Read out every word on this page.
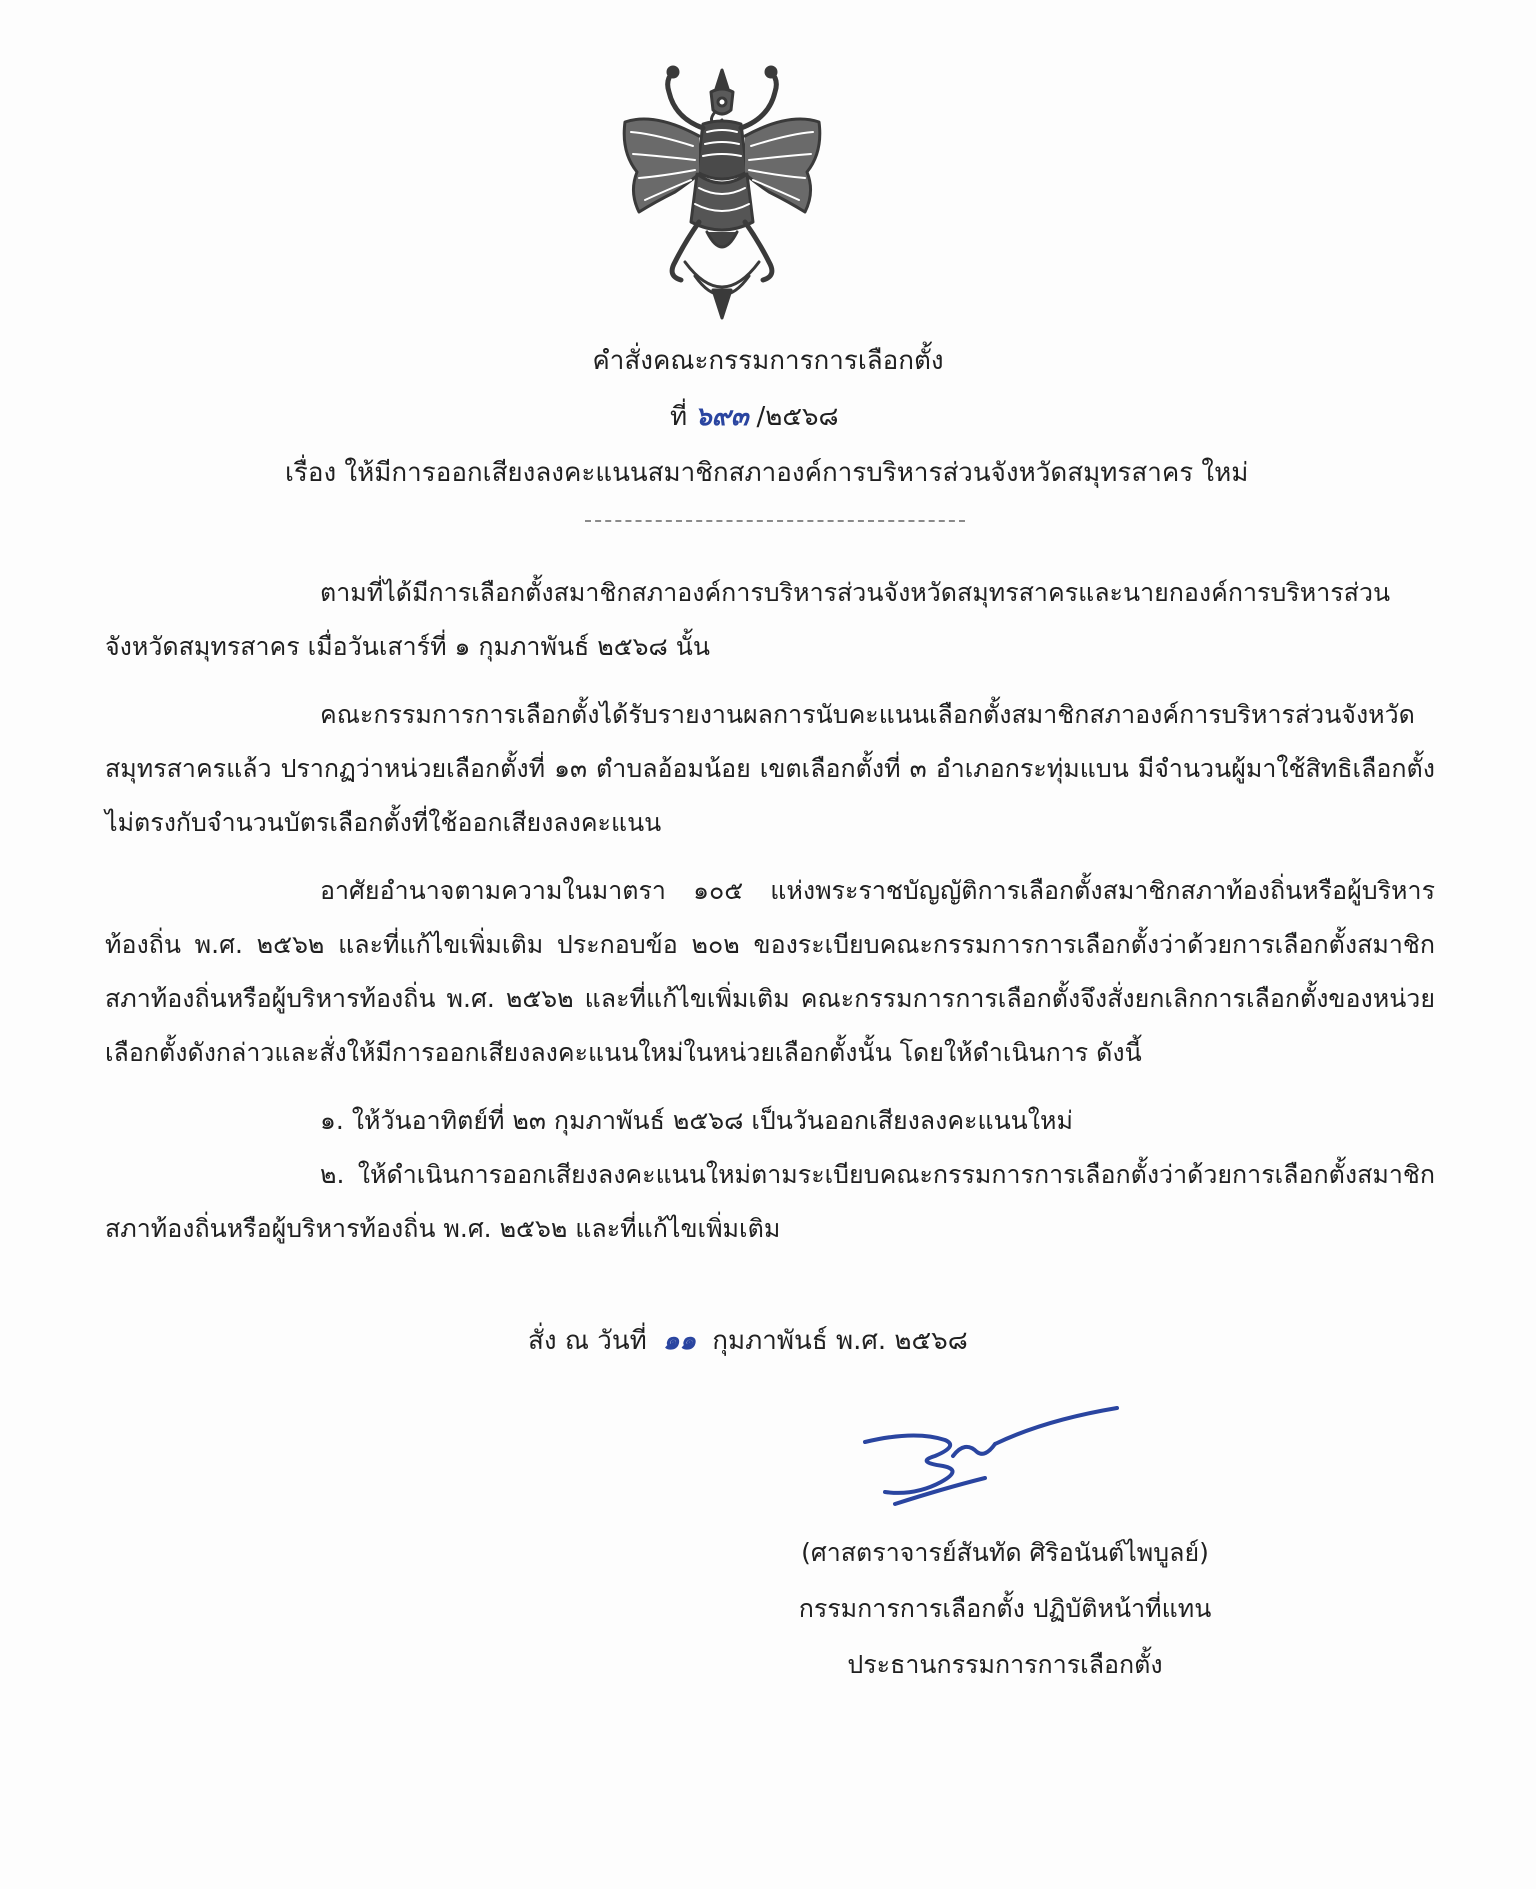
คำสั่งคณะกรรมการการเลือกตั้ง
ที่ ๖๙๓ /๒๕๖๘
เรื่อง ให้มีการออกเสียงลงคะแนนสมาชิกสภาองค์การบริหารส่วนจังหวัดสมุทรสาคร ใหม่

ตามที่ได้มีการเลือกตั้งสมาชิกสภาองค์การบริหารส่วนจังหวัดสมุทรสาครและนายกองค์การบริหารส่วนจังหวัดสมุทรสาคร เมื่อวันเสาร์ที่ ๑ กุมภาพันธ์ ๒๕๖๘ นั้น

คณะกรรมการการเลือกตั้งได้รับรายงานผลการนับคะแนนเลือกตั้งสมาชิกสภาองค์การบริหารส่วนจังหวัดสมุทรสาครแล้ว ปรากฏว่าหน่วยเลือกตั้งที่ ๑๓ ตำบลอ้อมน้อย เขตเลือกตั้งที่ ๓ อำเภอกระทุ่มแบน มีจำนวนผู้มาใช้สิทธิเลือกตั้งไม่ตรงกับจำนวนบัตรเลือกตั้งที่ใช้ออกเสียงลงคะแนน

อาศัยอำนาจตามความในมาตรา ๑๐๕ แห่งพระราชบัญญัติการเลือกตั้งสมาชิกสภาท้องถิ่นหรือผู้บริหารท้องถิ่น พ.ศ. ๒๕๖๒ และที่แก้ไขเพิ่มเติม ประกอบข้อ ๒๐๒ ของระเบียบคณะกรรมการการเลือกตั้งว่าด้วยการเลือกตั้งสมาชิกสภาท้องถิ่นหรือผู้บริหารท้องถิ่น พ.ศ. ๒๕๖๒ และที่แก้ไขเพิ่มเติม คณะกรรมการการเลือกตั้งจึงสั่งยกเลิกการเลือกตั้งของหน่วยเลือกตั้งดังกล่าวและสั่งให้มีการออกเสียงลงคะแนนใหม่ในหน่วยเลือกตั้งนั้น โดยให้ดำเนินการ ดังนี้

๑. ให้วันอาทิตย์ที่ ๒๓ กุมภาพันธ์ ๒๕๖๘ เป็นวันออกเสียงลงคะแนนใหม่

๒. ให้ดำเนินการออกเสียงลงคะแนนใหม่ตามระเบียบคณะกรรมการการเลือกตั้งว่าด้วยการเลือกตั้งสมาชิกสภาท้องถิ่นหรือผู้บริหารท้องถิ่น พ.ศ. ๒๕๖๒ และที่แก้ไขเพิ่มเติม

สั่ง ณ วันที่ ๑๑ กุมภาพันธ์ พ.ศ. ๒๕๖๘
(ศาสตราจารย์สันทัด ศิริอนันต์ไพบูลย์)
กรรมการการเลือกตั้ง ปฏิบัติหน้าที่แทน
ประธานกรรมการการเลือกตั้ง
